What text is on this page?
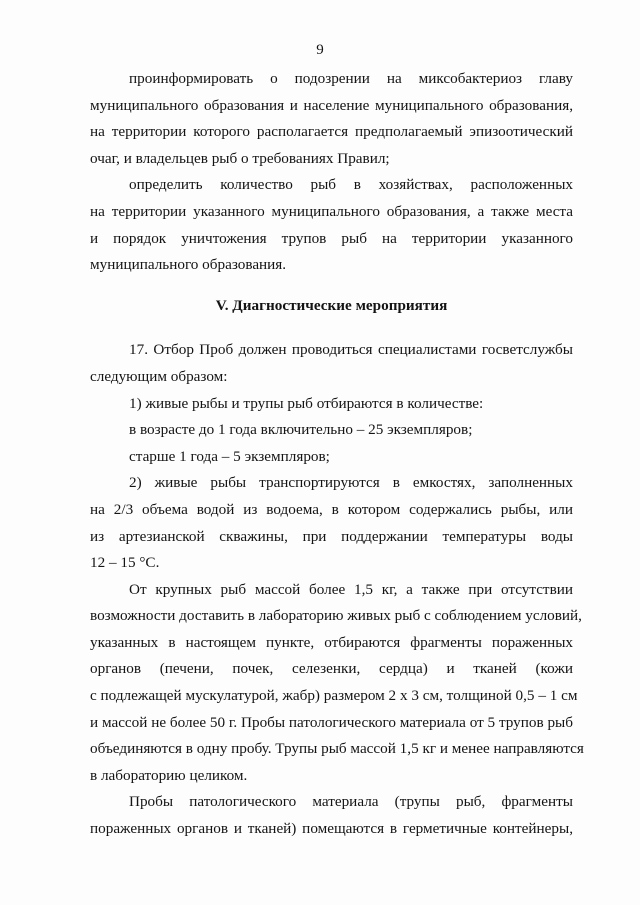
9
проинформировать о подозрении на миксобактериоз главу
муниципального образования и население муниципального образования,
на территории которого располагается предполагаемый эпизоотический
очаг, и владельцев рыб о требованиях Правил;
определить количество рыб в хозяйствах, расположенных
на территории указанного муниципального образования, а также места
и порядок уничтожения трупов рыб на территории указанного
муниципального образования.
V. Диагностические мероприятия
17. Отбор Проб должен проводиться специалистами госветслужбы
следующим образом:
1) живые рыбы и трупы рыб отбираются в количестве:
в возрасте до 1 года включительно – 25 экземпляров;
старше 1 года – 5 экземпляров;
2) живые рыбы транспортируются в емкостях, заполненных
на 2/3 объема водой из водоема, в котором содержались рыбы, или
из артезианской скважины, при поддержании температуры воды
12 – 15 °C.
От крупных рыб массой более 1,5 кг, а также при отсутствии
возможности доставить в лабораторию живых рыб с соблюдением условий,
указанных в настоящем пункте, отбираются фрагменты пораженных
органов (печени, почек, селезенки, сердца) и тканей (кожи
с подлежащей мускулатурой, жабр) размером 2 х 3 см, толщиной 0,5 – 1 см
и массой не более 50 г. Пробы патологического материала от 5 трупов рыб
объединяются в одну пробу. Трупы рыб массой 1,5 кг и менее направляются
в лабораторию целиком.
Пробы патологического материала (трупы рыб, фрагменты
пораженных органов и тканей) помещаются в герметичные контейнеры,
